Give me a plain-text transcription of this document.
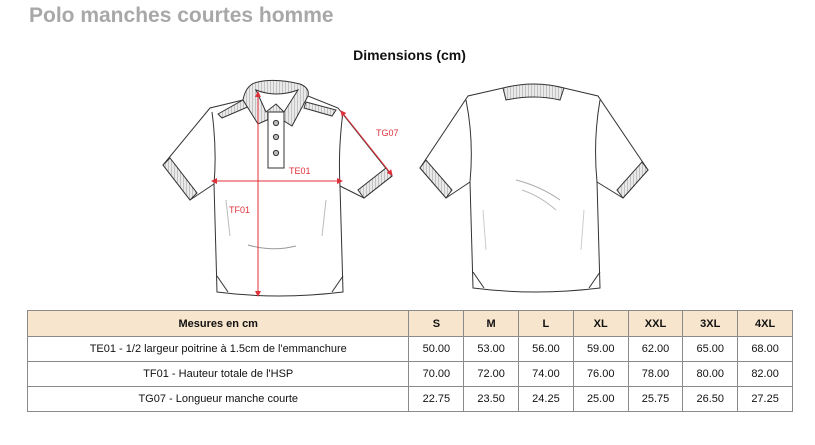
Polo manches courtes homme
Dimensions (cm)
TE01
TF01
TG07
Mesures en cm	S	M	L	XL	XXL	3XL	4XL
TE01 - 1/2 largeur poitrine à 1.5cm de l'emmanchure	50.00	53.00	56.00	59.00	62.00	65.00	68.00
TF01 - Hauteur totale de l'HSP	70.00	72.00	74.00	76.00	78.00	80.00	82.00
TG07 - Longueur manche courte	22.75	23.50	24.25	25.00	25.75	26.50	27.25
